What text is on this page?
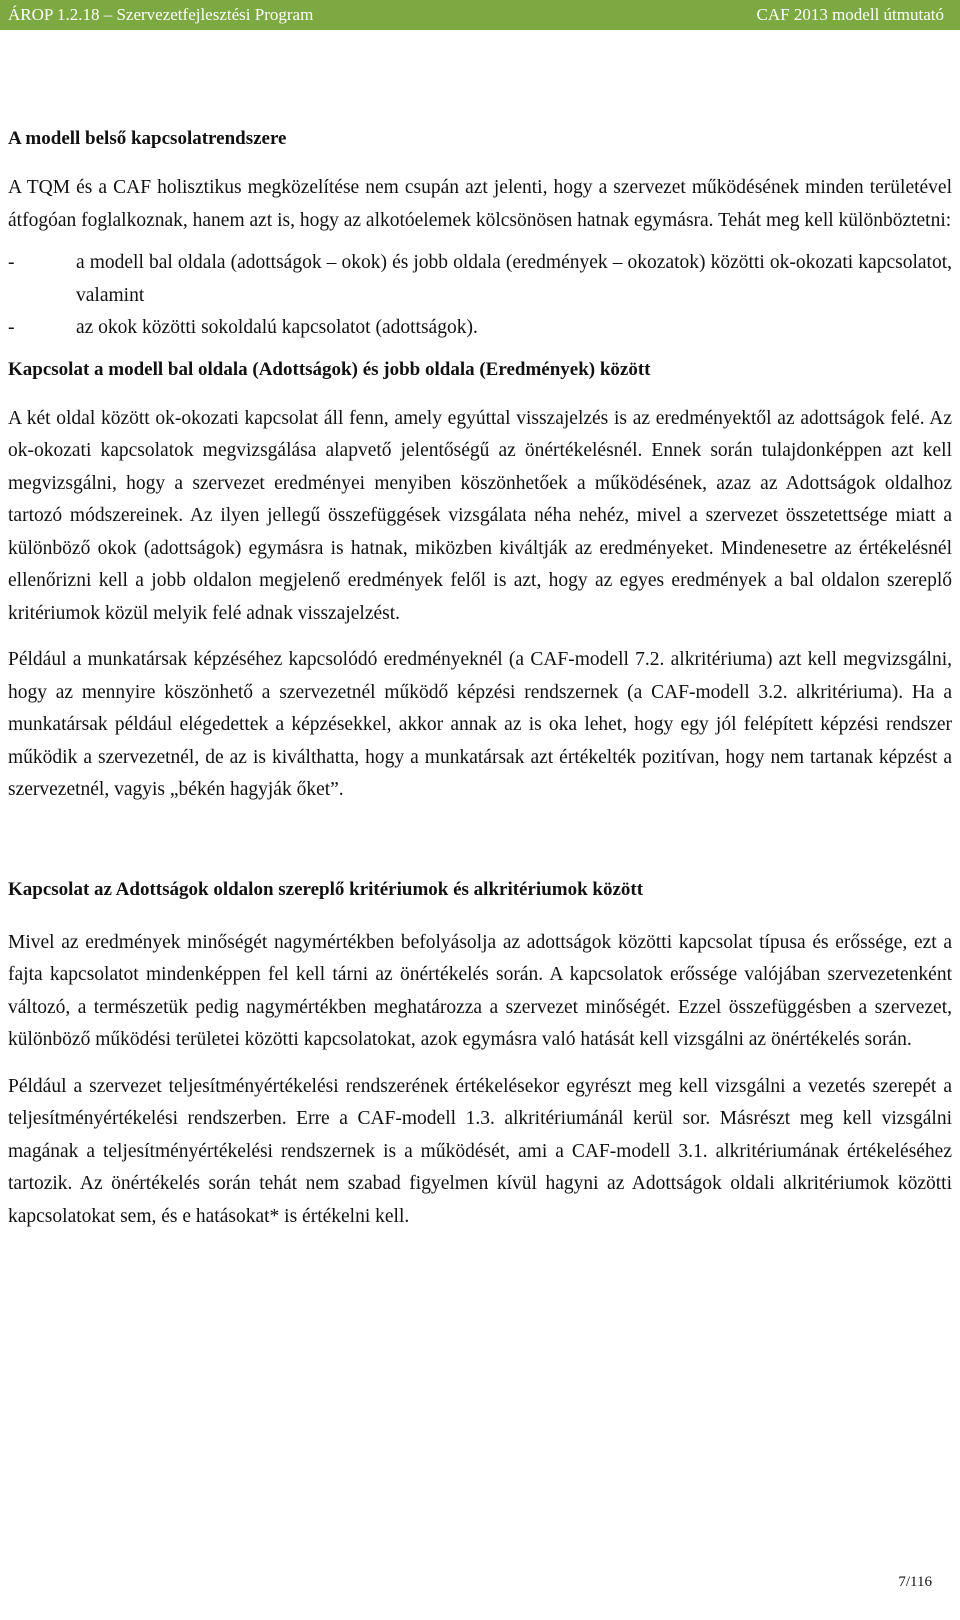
ÁROP 1.2.18 – Szervezetfejlesztési Program	CAF 2013 modell útmutató
A modell belső kapcsolatrendszere

A TQM és a CAF holisztikus megközelítése nem csupán azt jelenti, hogy a szervezet működésének minden területével átfogóan foglalkoznak, hanem azt is, hogy az alkotóelemek kölcsönösen hatnak egymásra. Tehát meg kell különböztetni:

-	a modell bal oldala (adottságok – okok) és jobb oldala (eredmények – okozatok) közötti ok-okozati kapcsolatot, valamint
-	az okok közötti sokoldalú kapcsolatot (adottságok).
Kapcsolat a modell bal oldala (Adottságok) és jobb oldala (Eredmények) között

A két oldal között ok-okozati kapcsolat áll fenn, amely egyúttal visszajelzés is az eredményektől az adottságok felé. Az ok-okozati kapcsolatok megvizsgálása alapvető jelentőségű az önértékelésnél. Ennek során tulajdonképpen azt kell megvizsgálni, hogy a szervezet eredményei menyiben köszönhetőek a működésének, azaz az Adottságok oldalhoz tartozó módszereinek. Az ilyen jellegű összefüggések vizsgálata néha nehéz, mivel a szervezet összetettsége miatt a különböző okok (adottságok) egymásra is hatnak, miközben kiváltják az eredményeket. Mindenesetre az értékelésnél ellenőrizni kell a jobb oldalon megjelenő eredmények felől is azt, hogy az egyes eredmények a bal oldalon szereplő kritériumok közül melyik felé adnak visszajelzést.

Például a munkatársak képzéséhez kapcsolódó eredményeknél (a CAF-modell 7.2. alkritériuma) azt kell megvizsgálni, hogy az mennyire köszönhető a szervezetnél működő képzési rendszernek (a CAF-modell 3.2. alkritériuma). Ha a munkatársak például elégedettek a képzésekkel, akkor annak az is oka lehet, hogy egy jól felépített képzési rendszer működik a szervezetnél, de az is kiválthatta, hogy a munkatársak azt értékelték pozitívan, hogy nem tartanak képzést a szervezetnél, vagyis „békén hagyják őket”.

Kapcsolat az Adottságok oldalon szereplő kritériumok és alkritériumok között

Mivel az eredmények minőségét nagymértékben befolyásolja az adottságok közötti kapcsolat típusa és erőssége, ezt a fajta kapcsolatot mindenképpen fel kell tárni az önértékelés során. A kapcsolatok erőssége valójában szervezetenként változó, a természetük pedig nagymértékben meghatározza a szervezet minőségét. Ezzel összefüggésben a szervezet, különböző működési területei közötti kapcsolatokat, azok egymásra való hatását kell vizsgálni az önértékelés során.

Például a szervezet teljesítményértékelési rendszerének értékelésekor egyrészt meg kell vizsgálni a vezetés szerepét a teljesítményértékelési rendszerben. Erre a CAF-modell 1.3. alkritériumánál kerül sor. Másrészt meg kell vizsgálni magának a teljesítményértékelési rendszernek is a működését, ami a CAF-modell 3.1. alkritériumának értékeléséhez tartozik. Az önértékelés során tehát nem szabad figyelmen kívül hagyni az Adottságok oldali alkritériumok közötti kapcsolatokat sem, és e hatásokat* is értékelni kell.

7/116
